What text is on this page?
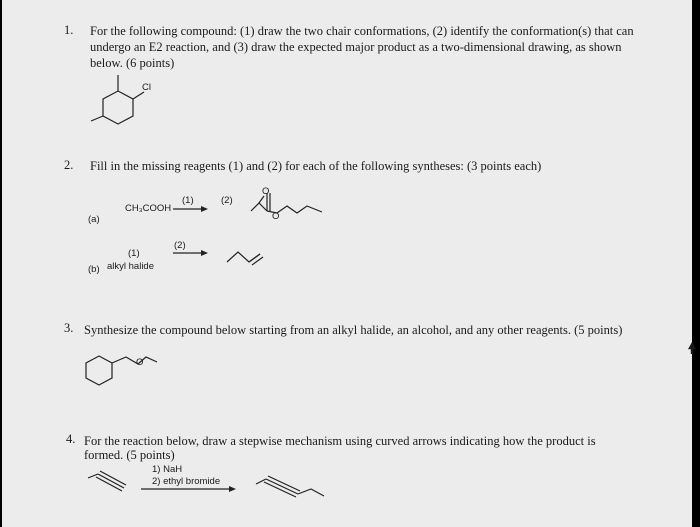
1. For the following compound: (1) draw the two chair conformations, (2) identify the conformation(s) that can
undergo an E2 reaction, and (3) draw the expected major product as a two-dimensional drawing, as shown
below. (6 points)
Cl
2. Fill in the missing reagents (1) and (2) for each of the following syntheses: (3 points each)
(a)
CH₃COOH
(1)	(2)
O
O
(2)
(1)
(b) alkyl halide
3. Synthesize the compound below starting from an alkyl halide, an alcohol, and any other reagents. (5 points)
O
4. For the reaction below, draw a stepwise mechanism using curved arrows indicating how the product is
formed. (5 points)
1) NaH
2) ethyl bromide
